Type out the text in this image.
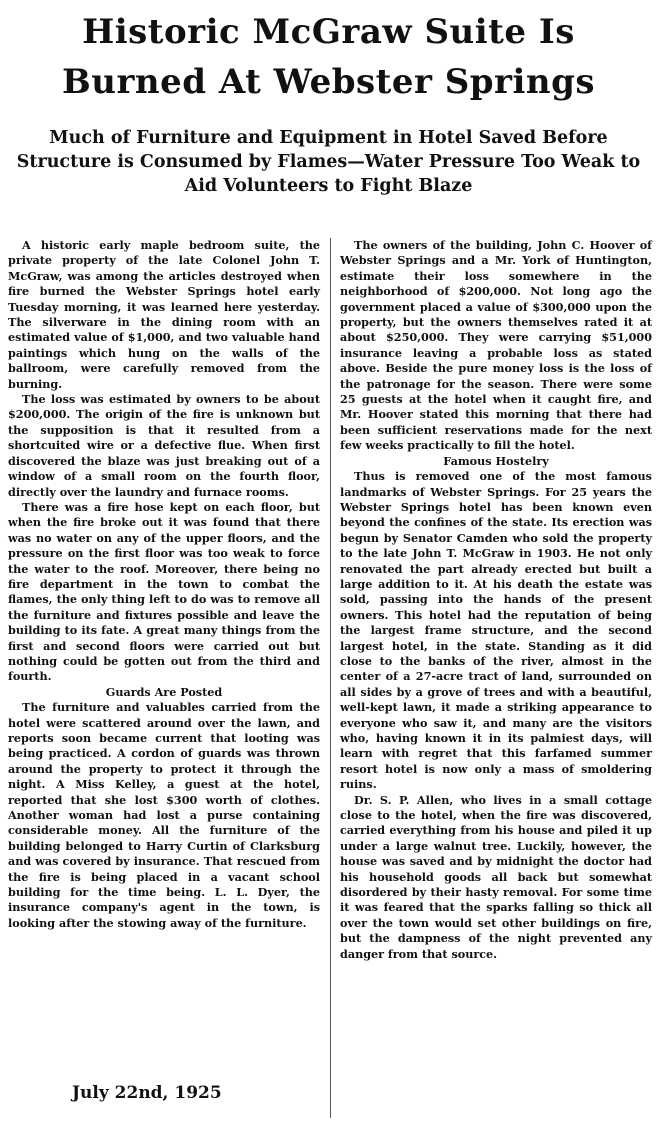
Historic McGraw Suite Is
Burned At Webster Springs
Much of Furniture and Equipment in Hotel Saved Before Structure is Consumed by Flames—Water Pressure Too Weak to Aid Volunteers to Fight Blaze

A historic early maple bedroom suite, the private property of the late Colonel John T. McGraw, was among the articles destroyed when fire burned the Webster Springs hotel early Tuesday morning, it was learned here yesterday. The silverware in the dining room with an estimated value of $1,000, and two valuable hand paintings which hung on the walls of the ballroom, were carefully removed from the burning.

The loss was estimated by owners to be about $200,000. The origin of the fire is unknown but the supposition is that it resulted from a shortcuited wire or a defective flue. When first discovered the blaze was just breaking out of a window of a small room on the fourth floor, directly over the laundry and furnace rooms.

There was a fire hose kept on each floor, but when the fire broke out it was found that there was no water on any of the upper floors, and the pressure on the first floor was too weak to force the water to the roof. Moreover, there being no fire department in the town to combat the flames, the only thing left to do was to remove all the furniture and fixtures possible and leave the building to its fate. A great many things from the first and second floors were carried out but nothing could be gotten out from the third and fourth.

Guards Are Posted

The furniture and valuables carried from the hotel were scattered around over the lawn, and reports soon became current that looting was being practiced. A cordon of guards was thrown around the property to protect it through the night. A Miss Kelley, a guest at the hotel, reported that she lost $300 worth of clothes. Another woman had lost a purse containing considerable money. All the furniture of the building belonged to Harry Curtin of Clarksburg and was covered by insurance. That rescued from the fire is being placed in a vacant school building for the time being. L. L. Dyer, the insurance company's agent in the town, is looking after the stowing away of the furniture.

The owners of the building, John C. Hoover of Webster Springs and a Mr. York of Huntington, estimate their loss somewhere in the neighborhood of $200,000. Not long ago the government placed a value of $300,000 upon the property, but the owners themselves rated it at about $250,000. They were carrying $51,000 insurance leaving a probable loss as stated above. Beside the pure money loss is the loss of the patronage for the season. There were some 25 guests at the hotel when it caught fire, and Mr. Hoover stated this morning that there had been sufficient reservations made for the next few weeks practically to fill the hotel.

Famous Hostelry

Thus is removed one of the most famous landmarks of Webster Springs. For 25 years the Webster Springs hotel has been known even beyond the confines of the state. Its erection was begun by Senator Camden who sold the property to the late John T. McGraw in 1903. He not only renovated the part already erected but built a large addition to it. At his death the estate was sold, passing into the hands of the present owners. This hotel had the reputation of being the largest frame structure, and the second largest hotel, in the state. Standing as it did close to the banks of the river, almost in the center of a 27-acre tract of land, surrounded on all sides by a grove of trees and with a beautiful, well-kept lawn, it made a striking appearance to everyone who saw it, and many are the visitors who, having known it in its palmiest days, will learn with regret that this farfamed summer resort hotel is now only a mass of smoldering ruins.

Dr. S. P. Allen, who lives in a small cottage close to the hotel, when the fire was discovered, carried everything from his house and piled it up under a large walnut tree. Luckily, however, the house was saved and by midnight the doctor had his household goods all back but somewhat disordered by their hasty removal. For some time it was feared that the sparks falling so thick all over the town would set other buildings on fire, but the dampness of the night prevented any danger from that source.

July 22nd, 1925
